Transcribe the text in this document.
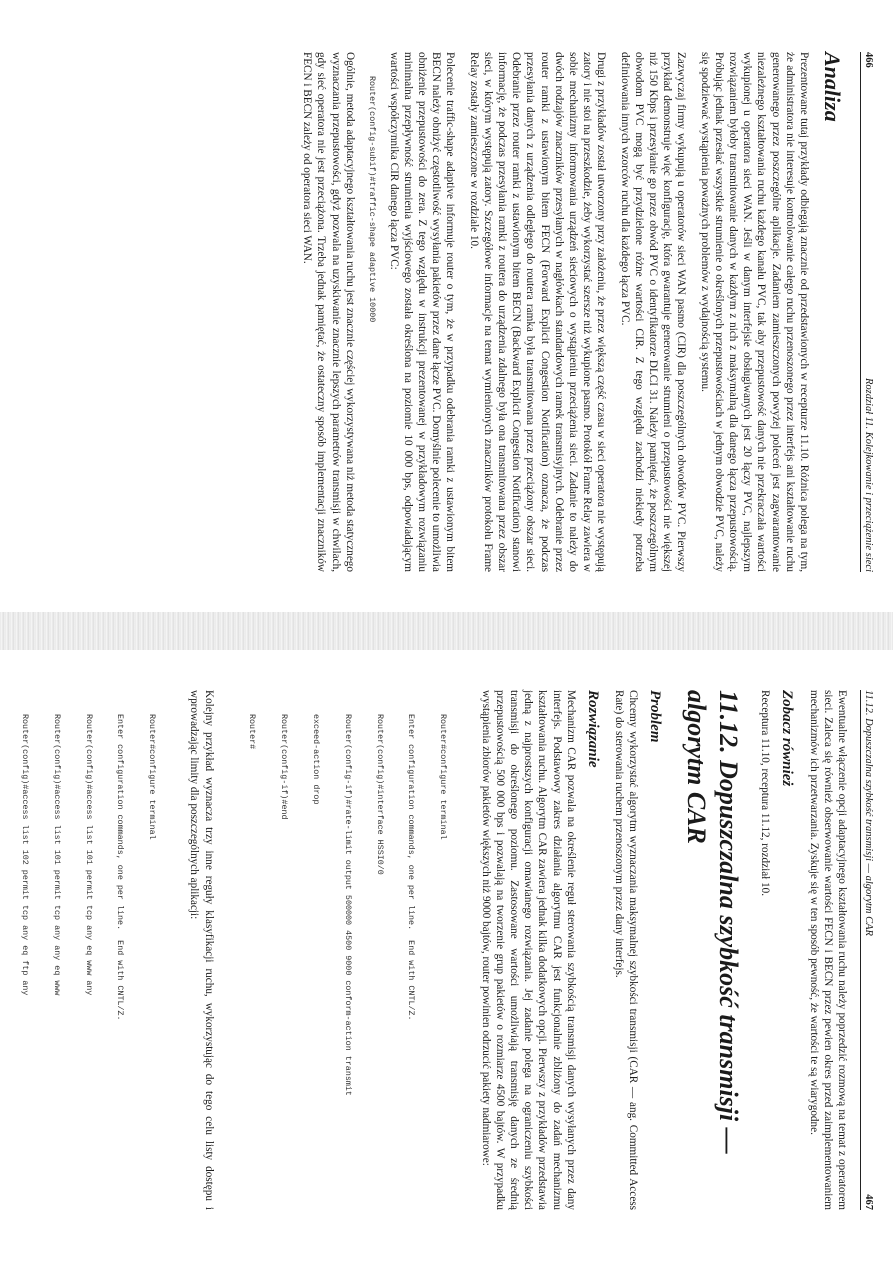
466
Rozdział 11. Kolejkowanie i przeciążenie sieci
Analiza

Prezentowane tutaj przykłady odbiegają znacznie od przedstawionych w recepturze 11.10. Różnica polega na tym, że administratora nie interesuje kontrolowanie całego ruchu przenoszonego przez interfejs ani kształtowanie ruchu generowanego przez poszczególne aplikacje. Zadaniem zamieszczonych powyżej poleceń jest zagwarantowanie niezależnego kształtowania ruchu każdego kanału PVC, tak aby przepustowość danych nie przekraczała wartości wykupionej u operatora sieci WAN. Jeśli w danym interfejsie obsługiwanych jest 20 łączy PVC, najlepszym rozwiązaniem byłoby transmitowanie danych w każdym z nich z maksymalną dla danego łącza przepustowością. Próbując jednak przesłać wszystkie strumienie o określonych przepustowościach w jednym obwodzie PVC, należy się spodziewać wystąpienia poważnych problemów z wydajnością systemu.

Zazwyczaj firmy wykupują u operatorów sieci WAN pasmo (CIR) dla poszczególnych obwodów PVC. Pierwszy przykład demonstruje więc konfigurację, która gwarantuje generowanie strumieni o przepustowości nie większej niż 150 Kbps i przesyłanie go przez obwód PVC o identyfikatorze DLCI 31. Należy pamiętać, że poszczególnym obwodom PVC mogą być przydzielone różne wartości CIR. Z tego względu zachodzi niekiedy potrzeba definiowania innych wzorców ruchu dla każdego łącza PVC.

Drugi z przykładów został utworzony przy założeniu, że przez większą część czasu w sieci operatora nie występują zatory i nie stoi na przeszkodzie, żeby wykorzystać szersze niż wykupione pasmo. Protokół Frame Relay zawiera w sobie mechanizmy informowania urządzeń sieciowych o wystąpieniu przeciążenia sieci. Zadanie to należy do dwóch rodzajów znaczników przesyłanych w nagłówkach standardowych ramek transmisyjnych. Odebranie przez router ramki z ustawionym bitem FECN (Forward Explicit Congestion Notification) oznacza, że podczas przesyłania danych z urządzenia odległego do routera ramka była transmitowana przez przeciążony obszar sieci. Odebranie przez router ramki z ustawionym bitem BECN (Backward Explicit Congestion Notification) stanowi informację, że podczas przesyłania ramki z routera do urządzenia zdalnego była ona transmitowana przez obszar sieci, w którym występują zatory. Szczegółowe informacje na temat wymienionych znaczników protokołu Frame Relay zostały zamieszczone w rozdziale 10.

Polecenie traffic-shape adaptive informuje router o tym, że w przypadku odebrania ramki z ustawionym bitem BECN należy obniżyć częstotliwość wysyłania pakietów przez dane łącze PVC. Domyślnie polecenie to umożliwia obniżenie przepustowości do zera. Z tego względu w instrukcji prezentowanej w przykładowym rozwiązaniu minimalna przepływność strumienia wyjściowego została określona na poziomie 10 000 bps, odpowiadającym wartości współczynnika CIR danego łącza PVC:

Router(config-subif)#traffic-shape adaptive 10000

Ogólnie, metoda adaptacyjnego kształtowania ruchu jest znacznie częściej wykorzystywana niż metoda statycznego wyznaczania przepustowości, gdyż pozwala na uzyskiwanie znacznie lepszych parametrów transmisji w chwilach, gdy sieć operatora nie jest przeciążona. Trzeba jednak pamiętać, że ostateczny sposób implementacji znaczników FECN i BECN zależy od operatora sieci WAN.

11.12. Dopuszczalna szybkość transmisji — algorytm CAR
467

Ewentualne włączenie opcji adaptacyjnego kształtowania ruchu należy poprzedzić rozmową na temat z operatorem sieci. Zaleca się również obserwowanie wartości FECN i BECN przez pewien okres przed zaimplementowaniem mechanizmów ich przetwarzania. Zyskuje się w ten sposób pewność, że wartości te są wiarygodne.

Zobacz również

Receptura 11.10, receptura 11.12, rozdział 10.

11.12. Dopuszczalna szybkość transmisji — algorytm CAR
Problem

Chcemy wykorzystać algorytm wyznaczania maksymalnej szybkości transmisji (CAR — ang. Committed Access Rate) do sterowania ruchem przenoszonym przez dany interfejs.

Rozwiązanie

Mechanizm CAR pozwala na określenie reguł sterowania szybkością transmisji danych wysyłanych przez dany interfejs. Podstawowy zakres działania algorytmu CAR jest funkcjonalnie zbliżony do zadań mechanizmu kształtowania ruchu. Algorytm CAR zawiera jednak kilka dodatkowych opcji. Pierwszy z przykładów przedstawia jedną z najprostszych konfiguracji omawianego rozwiązania. Jej zadanie polega na ograniczeniu szybkości transmisji do określonego poziomu. Zastosowane wartości umożliwiają transmisję danych ze średnią przepustowością 500 000 bps i pozwalają na tworzenie grup pakietów o rozmiarze 4500 bajtów. W przypadku wystąpienia zbiorów pakietów większych niż 9000 bajtów, router powinien odrzucić pakiety nadmiarowe:

Router#configure terminal

Enter configuration commands, one per line.  End with CNTL/Z.

Router(config)#interface HSSI0/0

Router(config-if)#rate-limit output 500000 4500 9000 conform-action transmit

exceed-action drop

Router(config-if)#end

Router#

Kolejny przykład wyznacza trzy inne reguły klasyfikacji ruchu, wykorzystując do tego celu listy dostępu i wprowadzając limity dla poszczególnych aplikacji:

Router#configure terminal

Enter configuration commands, one per line.  End with CNTL/Z.

Router(config)#access list 101 permit tcp any eq www any

Router(config)#access list 101 permit tcp any any eq www

Router(config)#access list 102 permit tcp any eq ftp any
